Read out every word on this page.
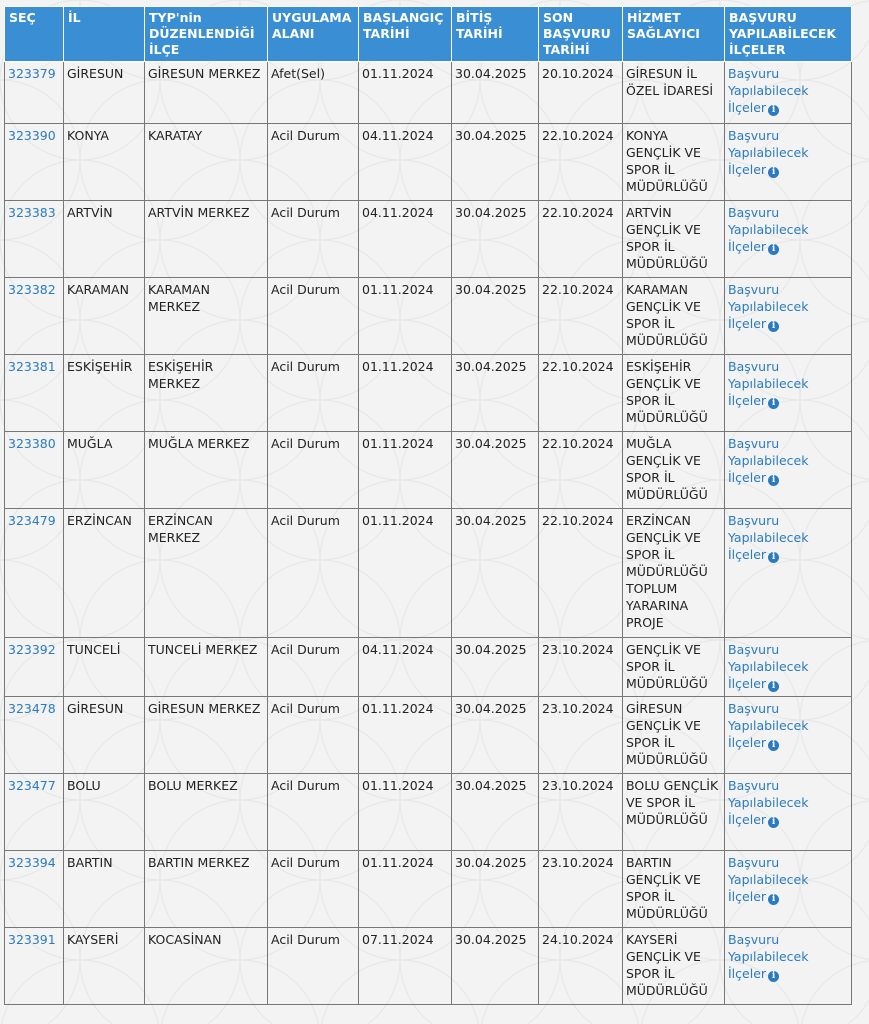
SEÇ	İL	TYP'nin DÜZENLENDİĞİ İLÇE	UYGULAMA ALANI	BAŞLANGIÇ TARİHİ	BİTİŞ TARİHİ	SON BAŞVURU TARİHİ	HİZMET SAĞLAYICI	BAŞVURU YAPILABİLECEK İLÇELER
323379	GİRESUN	GİRESUN MERKEZ	Afet(Sel)	01.11.2024	30.04.2025	20.10.2024	GİRESUN İL ÖZEL İDARESİ	Başvuru Yapılabilecek İlçeler i
323390	KONYA	KARATAY	Acil Durum	04.11.2024	30.04.2025	22.10.2024	KONYA GENÇLİK VE SPOR İL MÜDÜRLÜĞÜ	Başvuru Yapılabilecek İlçeler i
323383	ARTVİN	ARTVİN MERKEZ	Acil Durum	04.11.2024	30.04.2025	22.10.2024	ARTVİN GENÇLİK VE SPOR İL MÜDÜRLÜĞÜ	Başvuru Yapılabilecek İlçeler i
323382	KARAMAN	KARAMAN MERKEZ	Acil Durum	01.11.2024	30.04.2025	22.10.2024	KARAMAN GENÇLİK VE SPOR İL MÜDÜRLÜĞÜ	Başvuru Yapılabilecek İlçeler i
323381	ESKİŞEHİR	ESKİŞEHİR MERKEZ	Acil Durum	01.11.2024	30.04.2025	22.10.2024	ESKİŞEHİR GENÇLİK VE SPOR İL MÜDÜRLÜĞÜ	Başvuru Yapılabilecek İlçeler i
323380	MUĞLA	MUĞLA MERKEZ	Acil Durum	01.11.2024	30.04.2025	22.10.2024	MUĞLA GENÇLİK VE SPOR İL MÜDÜRLÜĞÜ	Başvuru Yapılabilecek İlçeler i
323479	ERZİNCAN	ERZİNCAN MERKEZ	Acil Durum	01.11.2024	30.04.2025	22.10.2024	ERZİNCAN GENÇLİK VE SPOR İL MÜDÜRLÜĞÜ TOPLUM YARARINA PROJE	Başvuru Yapılabilecek İlçeler i
323392	TUNCELİ	TUNCELİ MERKEZ	Acil Durum	04.11.2024	30.04.2025	23.10.2024	GENÇLİK VE SPOR İL MÜDÜRLÜĞÜ	Başvuru Yapılabilecek İlçeler i
323478	GİRESUN	GİRESUN MERKEZ	Acil Durum	01.11.2024	30.04.2025	23.10.2024	GİRESUN GENÇLİK VE SPOR İL MÜDÜRLÜĞÜ	Başvuru Yapılabilecek İlçeler i
323477	BOLU	BOLU MERKEZ	Acil Durum	01.11.2024	30.04.2025	23.10.2024	BOLU GENÇLİK VE SPOR İL MÜDÜRLÜĞÜ	Başvuru Yapılabilecek İlçeler i
323394	BARTIN	BARTIN MERKEZ	Acil Durum	01.11.2024	30.04.2025	23.10.2024	BARTIN GENÇLİK VE SPOR İL MÜDÜRLÜĞÜ	Başvuru Yapılabilecek İlçeler i
323391	KAYSERİ	KOCASİNAN	Acil Durum	07.11.2024	30.04.2025	24.10.2024	KAYSERİ GENÇLİK VE SPOR İL MÜDÜRLÜĞÜ	Başvuru Yapılabilecek İlçeler i
